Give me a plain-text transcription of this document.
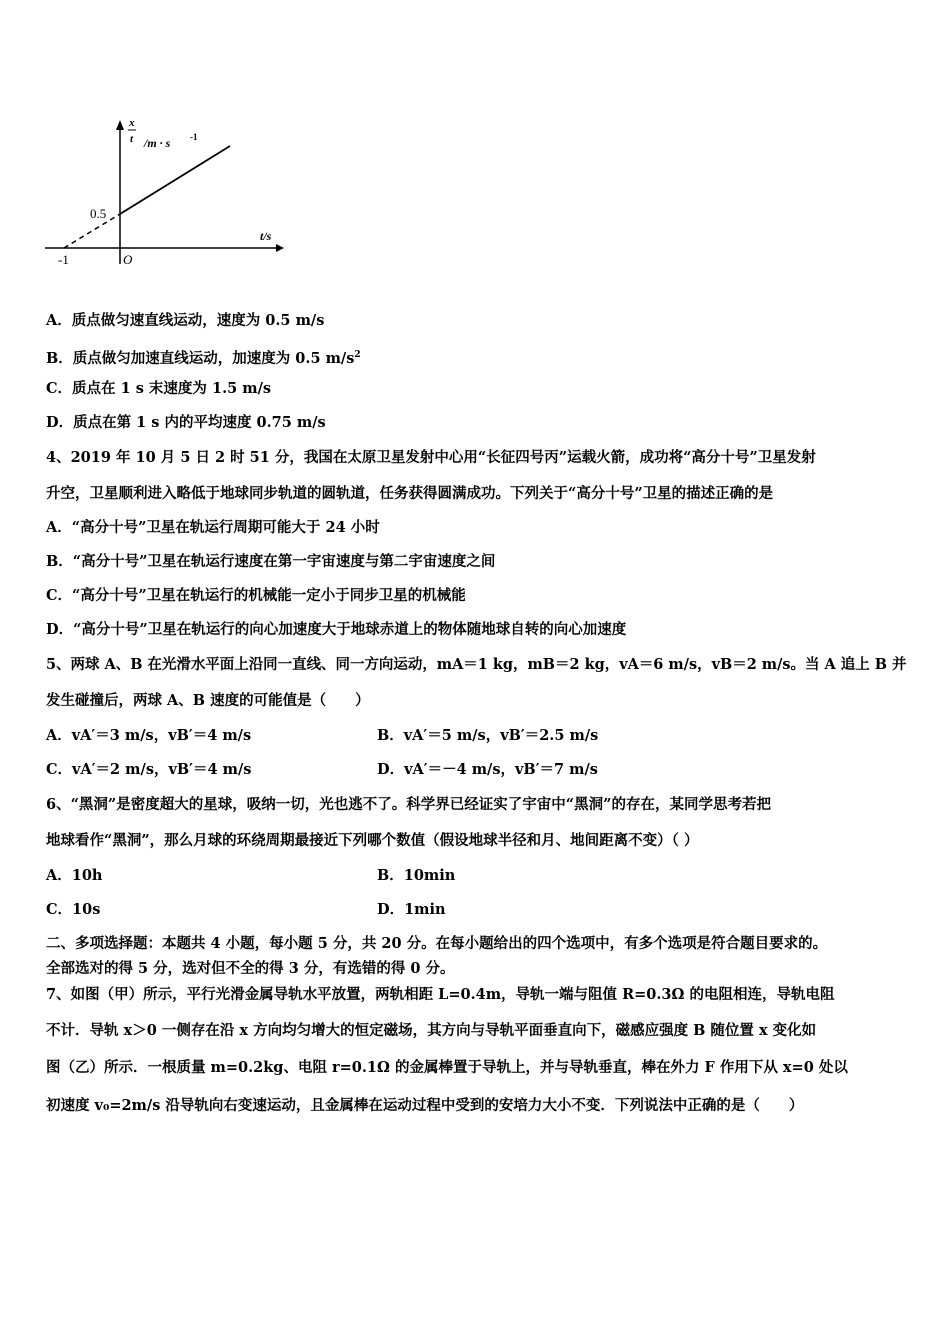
x
t /m · s -1
t/s
0.5
-1	O
A．质点做匀速直线运动，速度为 0.5 m/s
B．质点做匀加速直线运动，加速度为 0.5 $m/s^2$
C．质点在 1 s 末速度为 1.5 m/s
D．质点在第 1 s 内的平均速度 0.75 m/s
4、2019 年 10 月 5 日 2 时 51 分，我国在太原卫星发射中心用“长征四号丙”运载火箭，成功将“高分十号”卫星发射
升空，卫星顺利进入略低于地球同步轨道的圆轨道，任务获得圆满成功。下列关于“高分十号”卫星的描述正确的是
A．“高分十号”卫星在轨运行周期可能大于 24 小时
B．“高分十号”卫星在轨运行速度在第一宇宙速度与第二宇宙速度之间
C．“高分十号”卫星在轨运行的机械能一定小于同步卫星的机械能
D．“高分十号”卫星在轨运行的向心加速度大于地球赤道上的物体随地球自转的向心加速度
5、两球 A、B 在光滑水平面上沿同一直线、同一方向运动，mA＝1 kg，mB＝2 kg，vA＝6 m/s，vB＝2 m/s。当 A 追上 B 并
发生碰撞后，两球 A、B 速度的可能值是（　　）
A．vA′＝3 m/s，vB′＝4 m/s	B．vA′＝5 m/s，vB′＝2.5 m/s
C．vA′＝2 m/s，vB′＝4 m/s	D．vA′＝－4 m/s，vB′＝7 m/s
6、“黑洞”是密度超大的星球，吸纳一切，光也逃不了。科学界已经证实了宇宙中“黑洞”的存在，某同学思考若把
地球看作“黑洞”，那么月球的环绕周期最接近下列哪个数值（假设地球半径和月、地间距离不变）（ ）
A．10h	B．10min
C．10s	D．1min
二、多项选择题：本题共 4 小题，每小题 5 分，共 20 分。在每小题给出的四个选项中，有多个选项是符合题目要求的。
全部选对的得 5 分，选对但不全的得 3 分，有选错的得 0 分。
7、如图（甲）所示，平行光滑金属导轨水平放置，两轨相距 L=0.4m，导轨一端与阻值 R=0.3Ω 的电阻相连，导轨电阻
不计．导轨 x＞0 一侧存在沿 x 方向均匀增大的恒定磁场，其方向与导轨平面垂直向下，磁感应强度 B 随位置 x 变化如
图（乙）所示．一根质量 m=0.2kg、电阻 r=0.1Ω 的金属棒置于导轨上，并与导轨垂直，棒在外力 F 作用下从 x=0 处以
初速度 v₀=2m/s 沿导轨向右变速运动，且金属棒在运动过程中受到的安培力大小不变．下列说法中正确的是（　　）
